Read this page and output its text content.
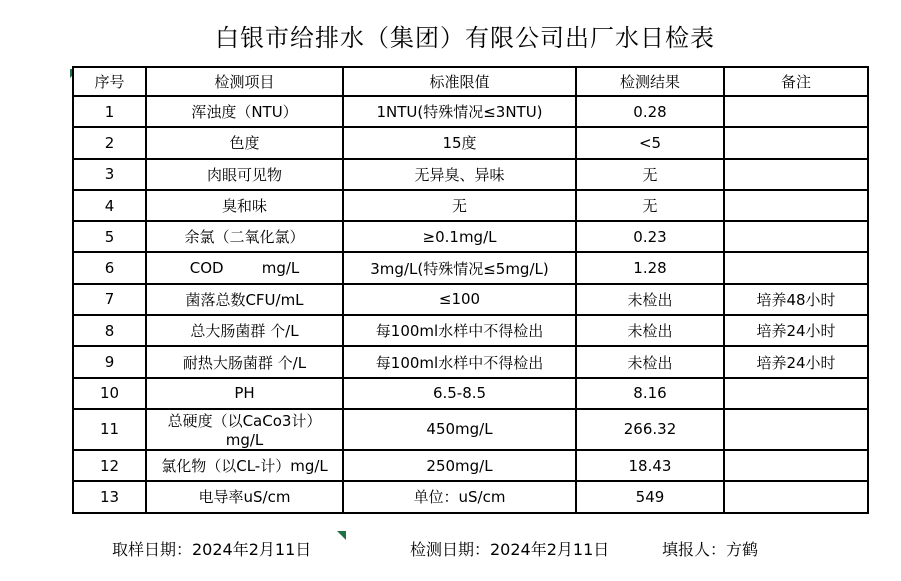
白银市给排水（集团）有限公司出厂水日检表
序号	检测项目	标准限值	检测结果	备注
1	浑浊度（NTU）	1NTU(特殊情况≤3NTU)	0.28	
2	色度	15度	<5	
3	肉眼可见物	无异臭、异味	无	
4	臭和味	无	无	
5	余氯（二氧化氯）	≥0.1mg/L	0.23	
6	COD        mg/L	3mg/L(特殊情况≤5mg/L)	1.28	
7	菌落总数CFU/mL	≤100	未检出	培养48小时
8	总大肠菌群 个/L	每100ml水样中不得检出	未检出	培养24小时
9	耐热大肠菌群 个/L	每100ml水样中不得检出	未检出	培养24小时
10	PH	6.5-8.5	8.16	
11	总硬度（以CaCo3计）mg/L	450mg/L	266.32	
12	氯化物（以CL-计）mg/L	250mg/L	18.43	
13	电导率uS/cm	单位：uS/cm	549	
取样日期：2024年2月11日	检测日期：2024年2月11日	填报人：方鹤
